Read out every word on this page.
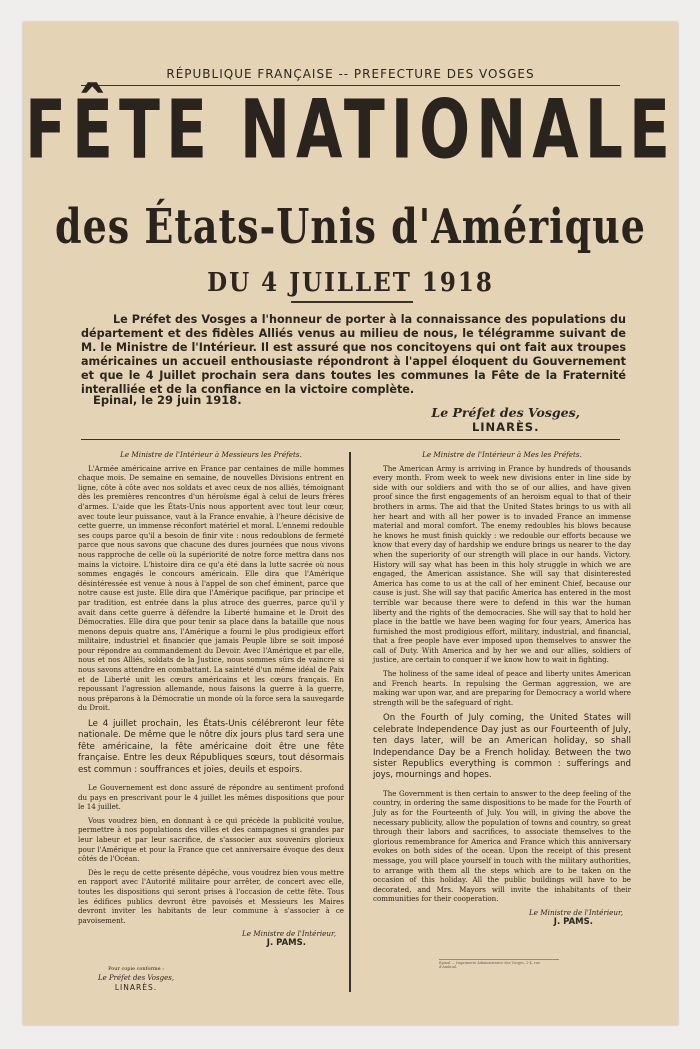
RÉPUBLIQUE FRANÇAISE -- PREFECTURE DES VOSGES
FÊTE NATIONALE
des États-Unis d'Amérique
DU 4 JUILLET 1918

Le Préfet des Vosges a l'honneur de porter à la connaissance des populations du département et des fidèles Alliés venus au milieu de nous, le télégramme suivant de M. le Ministre de l'Intérieur. Il est assuré que nos concitoyens qui ont fait aux troupes américaines un accueil enthousiaste répondront à l'appel éloquent du Gouvernement et que le 4 Juillet prochain sera dans toutes les communes la Fête de la Fraternité interalliée et de la confiance en la victoire complète.

Epinal, le 29 juin 1918.
Le Préfet des Vosges,
LINARÈS.
Le Ministre de l'Intérieur à Messieurs les Préfets.

L'Armée américaine arrive en France par centaines de mille hommes chaque mois. De semaine en semaine, de nouvelles Divisions entrent en ligne, côte à côte avec nos soldats et avec ceux de nos alliés, témoignant dès les premières rencontres d'un héroïsme égal à celui de leurs frères d'armes. L'aide que les États-Unis nous apportent avec tout leur cœur, avec toute leur puissance, vaut à la France envahie, à l'heure décisive de cette guerre, un immense réconfort matériel et moral. L'ennemi redouble ses coups parce qu'il a besoin de finir vite : nous redoublons de fermeté parce que nous savons que chacune des dures journées que nous vivons nous rapproche de celle où la supériorité de notre force mettra dans nos mains la victoire. L'histoire dira ce qu'a été dans la lutte sacrée où nous sommes engagés le concours américain. Elle dira que l'Amérique désintéressée est venue à nous à l'appel de son chef éminent, parce que notre cause est juste. Elle dira que l'Amérique pacifique, par principe et par tradition, est entrée dans la plus atroce des guerres, parce qu'il y avait dans cette guerre à défendre la Liberté humaine et le Droit des Démocraties. Elle dira que pour tenir sa place dans la bataille que nous menons depuis quatre ans, l'Amérique a fourni le plus prodigieux effort militaire, industriel et financier que jamais Peuple libre se soit imposé pour répondre au commandement du Devoir. Avec l'Amérique et par elle, nous et nos Alliés, soldats de la Justice, nous sommes sûrs de vaincre si nous savons attendre en combattant. La sainteté d'un même idéal de Paix et de Liberté unit les cœurs américains et les cœurs français. En repoussant l'agression allemande, nous faisons la guerre à la guerre, nous préparons à la Démocratie un monde où la force sera la sauvegarde du Droit.

Le 4 juillet prochain, les États-Unis célébreront leur fête nationale. De même que le nôtre dix jours plus tard sera une fête américaine, la fête américaine doit être une fête française. Entre les deux Républiques sœurs, tout désormais est commun : souffrances et joies, deuils et espoirs.

Le Gouvernement est donc assuré de répondre au sentiment profond du pays en prescrivant pour le 4 juillet les mêmes dispositions que pour le 14 juillet.

Vous voudrez bien, en donnant à ce qui précède la publicité voulue, permettre à nos populations des villes et des campagnes si grandes par leur labeur et par leur sacrifice, de s'associer aux souvenirs glorieux pour l'Amérique et pour la France que cet anniversaire évoque des deux côtés de l'Océan.

Dès le reçu de cette présente dépêche, vous voudrez bien vous mettre en rapport avec l'Autorité militaire pour arrêter, de concert avec elle, toutes les dispositions qui seront prises à l'occasion de cette fête. Tous les édifices publics devront être pavoisés et Messieurs les Maires devront inviter les habitants de leur commune à s'associer à ce pavoisement.

Le Ministre de l'Intérieur,
J. PAMS.
Pour copie conforme :
Le Préfet des Vosges,
LINARÈS.
Le Ministre de l'Intérieur à Mes les Préfets.

The American Army is arriving in France by hundreds of thousands every month. From week to week new divisions enter in line side by side with our soldiers and with tho se of our allies, and have given proof since the first engagements of an heroism equal to that of their brothers in arms. The aid that the United States brings to us with all her heart and with all her power is to invaded France an immense material and moral comfort. The enemy redoubles his blows because he knows he must finish quickly : we redouble our efforts because we know that every day of hardship we endure brings us nearer to the day when the superiority of our strength will place in our hands. Victory. History will say what has been in this holy struggle in which we are engaged, the American assistance. She will say that disinterested America has come to us at the call of her eminent Chief, because our cause is just. She will say that pacific America has entered in the most terrible war because there were to defend in this war the human liberty and the rights of the democracies. She will say that to hold her place in the battle we have been waging for four years, America has furnished the most prodigious effort, military, industrial, and financial, that a free people have ever imposed upon themselves to answer the call of Duty. With America and by her we and our allies, soldiers of justice, are certain to conquer if we know how to wait in fighting.

The holiness of the same ideal of peace and liberty unites American and French hearts. In repulsing the German aggression, we are making war upon war, and are preparing for Democracy a world where strength will be the safeguard of right.

On the Fourth of July coming, the United States will celebrate Independence Day just as our Fourteenth of July, ten days later, will be an American holiday, so shall Independance Day be a French holiday. Between the two sister Republics everything is common : sufferings and joys, mournings and hopes.

The Government is then certain to answer to the deep feeling of the country, in ordering the same dispositions to be made for the Fourth of July as for the Fourteenth of July. You will, in giving the above the necessary publicity, allow the population of towns and country, so great through their labors and sacrifices, to associate themselves to the glorious remembrance for America and France which this anniversary evokes on both sides of the ocean. Upon the receipt of this present message, you will place yourself in touch with the military authorities, to arrange with them all the steps which are to be taken on the occasion of this holiday. All the public buildings will have to be decorated, and Mrs. Mayors will invite the inhabitants of their communities for their cooperation.

Le Ministre de l'Intérieur,
J. PAMS.
Epinal — Imprimerie Administrative des Vosges, 2-4, rue d'Ambrail.
